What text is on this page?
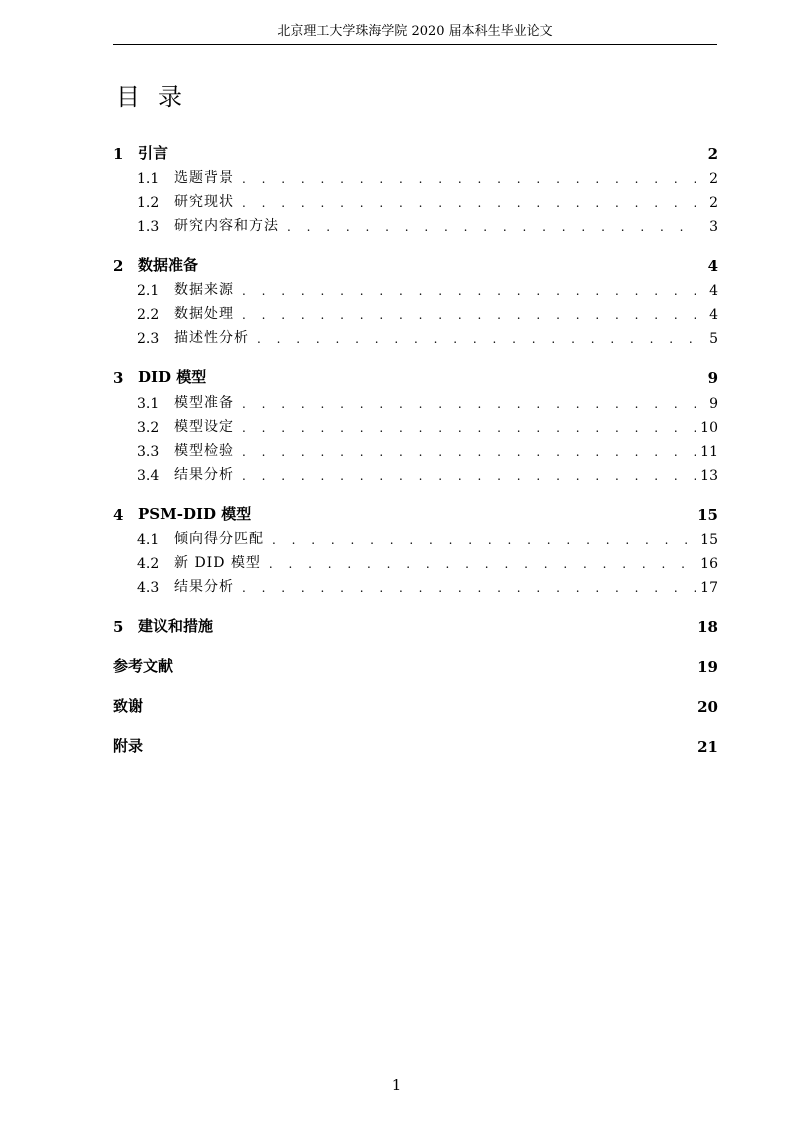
北京理工大学珠海学院 2020 届本科生毕业论文
目录
1 引言	2
1.1	选题背景 . . .	2
1.2	研究现状 . . .	2
1.3	研究内容和方法 . . .	3
2 数据准备	4
2.1	数据来源 . . .	4
2.2	数据处理 . . .	4
2.3	描述性分析 . . .	5
3 DID 模型	9
3.1	模型准备 . . .	9
3.2	模型设定 . . .	10
3.3	模型检验 . . .	11
3.4	结果分析 . . .	13
4 PSM-DID 模型	15
4.1	倾向得分匹配 . . .	15
4.2	新 DID 模型 . . .	16
4.3	结果分析 . . .	17
5 建议和措施	18
参考文献	19
致谢	20
附录	21
1
